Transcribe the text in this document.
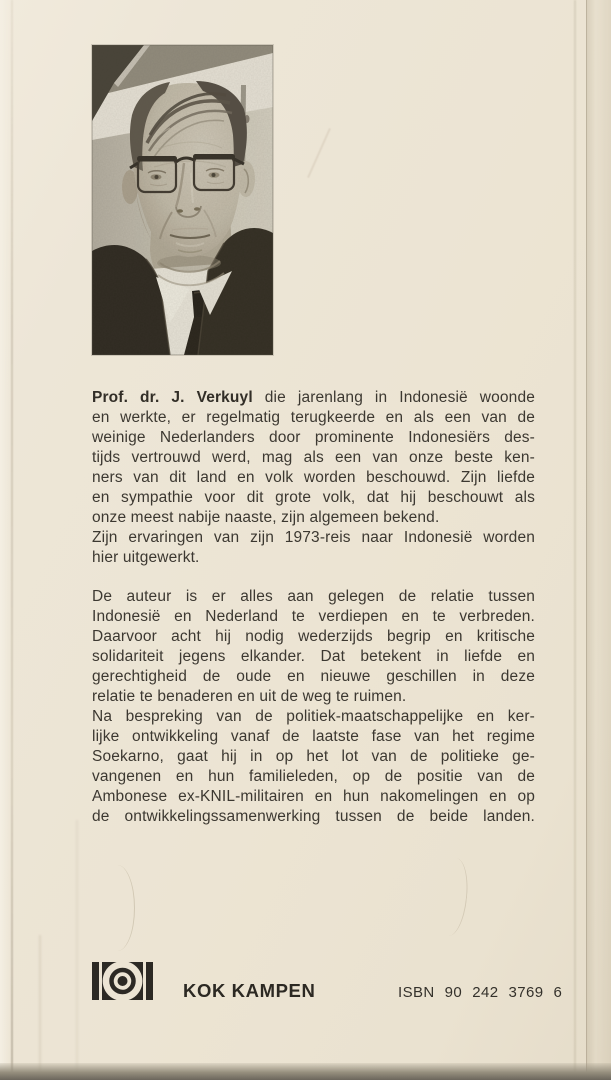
Prof. dr. J. Verkuyl die jarenlang in Indonesië woonde
en werkte, er regelmatig terugkeerde en als een van de
weinige Nederlanders door prominente Indonesiërs des-
tijds vertrouwd werd, mag als een van onze beste ken-
ners van dit land en volk worden beschouwd. Zijn liefde
en sympathie voor dit grote volk, dat hij beschouwt als
onze meest nabije naaste, zijn algemeen bekend.
Zijn ervaringen van zijn 1973-reis naar Indonesië worden
hier uitgewerkt.
De auteur is er alles aan gelegen de relatie tussen
Indonesië en Nederland te verdiepen en te verbreden.
Daarvoor acht hij nodig wederzijds begrip en kritische
solidariteit jegens elkander. Dat betekent in liefde en
gerechtigheid de oude en nieuwe geschillen in deze
relatie te benaderen en uit de weg te ruimen.
Na bespreking van de politiek-maatschappelijke en ker-
lijke ontwikkeling vanaf de laatste fase van het regime
Soekarno, gaat hij in op het lot van de politieke ge-
vangenen en hun familieleden, op de positie van de
Ambonese ex-KNIL-militairen en hun nakomelingen en op
de ontwikkelingssamenwerking tussen de beide landen.
KOK KAMPEN	ISBN 90 242 3769 6
